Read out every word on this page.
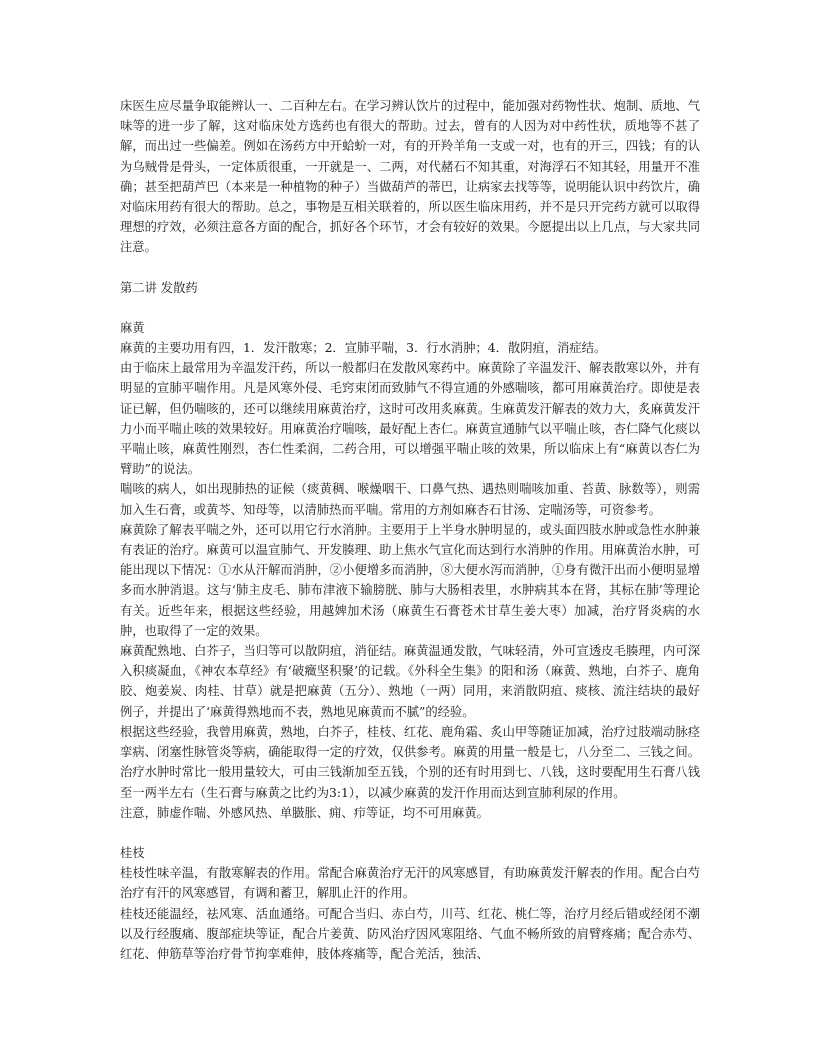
床医生应尽量争取能辨认一、二百种左右。在学习辨认饮片的过程中，能加强对药物性状、炮制、质地、气味等的进一步了解，这对临床处方选药也有很大的帮助。过去，曾有的人因为对中药性状，质地等不甚了解，而出过一些偏差。例如在汤药方中开蛤蚧一对，有的开羚羊角一支或一对，也有的开三，四钱；有的认为乌贼骨是骨头，一定体质很重，一开就是一、二两，对代赭石不知其重，对海浮石不知其轻，用量开不准确；甚至把葫芦巴（本来是一种植物的种子）当做葫芦的蒂巴，让病家去找等等，说明能认识中药饮片，确对临床用药有很大的帮助。总之，事物是互相关联着的，所以医生临床用药，并不是只开完药方就可以取得理想的疗效，必须注意各方面的配合，抓好各个环节，才会有较好的效果。今愿提出以上几点，与大家共同注意。

第二讲 发散药

麻黄

麻黄的主要功用有四，1．发汗散寒；2．宣肺平喘，3．行水消肿；4．散阴疽，消症结。

由于临床上最常用为辛温发汗药，所以一般都归在发散风寒药中。麻黄除了辛温发汗、解表散寒以外，并有明显的宣肺平喘作用。凡是风寒外侵、毛窍束闭而致肺气不得宣通的外感喘咳，都可用麻黄治疗。即使是表证已解，但仍喘咳的，还可以继续用麻黄治疗，这时可改用炙麻黄。生麻黄发汗解表的效力大，炙麻黄发汗力小而平喘止咳的效果较好。用麻黄治疗喘咳，最好配上杏仁。麻黄宣通肺气以平喘止咳，杏仁降气化痰以平喘止咳，麻黄性刚烈，杏仁性柔润，二药合用，可以增强平喘止咳的效果，所以临床上有“麻黄以杏仁为臂助”的说法。

喘咳的病人，如出现肺热的证候（痰黄稠、喉燥咽干、口鼻气热、遇热则喘咳加重、苔黄、脉数等），则需加入生石膏，或黄芩、知母等，以清肺热而平喘。常用的方剂如麻杏石甘汤、定喘汤等，可资参考。

麻黄除了解表平喘之外，还可以用它行水消肿。主要用于上半身水肿明显的，或头面四肢水肿或急性水肿兼有表证的治疗。麻黄可以温宣肺气、开发腠理、助上焦水气宣化而达到行水消肿的作用。用麻黄治水肿，可能出现以下情况：①水从汗解而消肿，②小便增多而消肿，⑧大便水泻而消肿，①身有微汗出而小便明显增多而水肿消退。这与‘肺主皮毛、肺布津液下输膀胱、肺与大肠相表里，水肿病其本在肾，其标在肺’等理论有关。近些年来，根据这些经验，用越婢加术汤（麻黄生石膏苍术甘草生姜大枣）加减，治疗肾炎病的水肿，也取得了一定的效果。

麻黄配熟地、白芥子，当归等可以散阴疽，消征结。麻黄温通发散，气味轻清，外可宣透皮毛腠理，内可深入积痰凝血，《神农本草经》有‘破癥坚积聚’的记载。《外科全生集》的阳和汤（麻黄、熟地，白芥子、鹿角胶、炮姜炭、肉桂、甘草）就是把麻黄（五分）、熟地（一两）同用，来消散阴疽、痰核、流注结块的最好例子，并提出了‘麻黄得熟地而不表，熟地见麻黄而不腻”的经验。

根据这些经验，我曾用麻黄，熟地，白芥子，桂枝、红花、鹿角霜、炙山甲等随证加减，治疗过肢端动脉痉挛病、闭塞性脉管炎等病，确能取得一定的疗效，仅供参考。麻黄的用量一般是七，八分至二、三钱之间。治疗水肿时常比一般用量较大，可由三钱渐加至五钱，个别的还有时用到七、八钱，这时要配用生石膏八钱至一两半左右（生石膏与麻黄之比约为3:1），以减少麻黄的发汗作用而达到宣肺利尿的作用。

注意，肺虚作喘、外感风热、单臌胀、痈、疖等证，均不可用麻黄。

桂枝

桂枝性味辛温，有散寒解表的作用。常配合麻黄治疗无汗的风寒感冒，有助麻黄发汗解表的作用。配合白芍治疗有汗的风寒感冒，有调和蓄卫，解肌止汗的作用。

桂枝还能温经，祛风寒、活血通络。可配合当归、赤白芍，川芎、红花、桃仁等，治疗月经后错或经闭不潮以及行经腹痛、腹部症块等证，配合片姜黄、防风治疗因风寒阻络、气血不畅所致的肩臂疼痛；配合赤芍、红花、伸筋草等治疗骨节拘挛难伸，肢体疼痛等，配合羌活，独活、
